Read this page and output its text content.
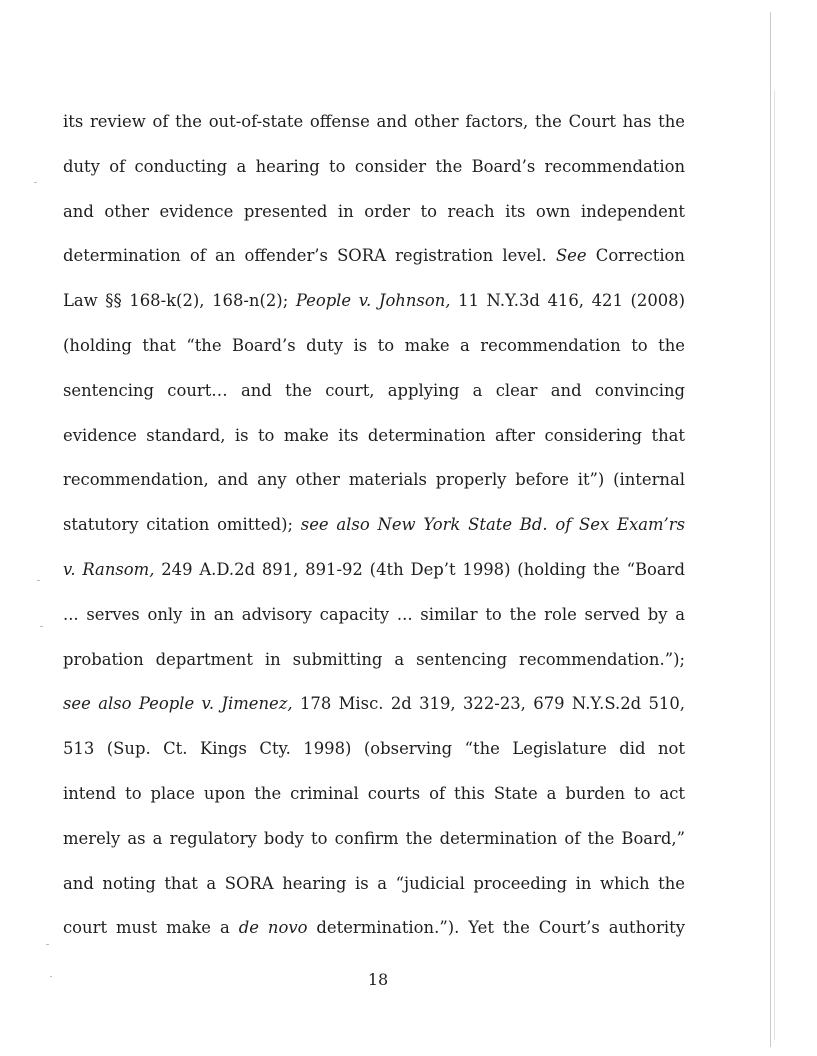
its review of the out-of-state offense and other factors, the Court has the
duty of conducting a hearing to consider the Board’s recommendation
and other evidence presented in order to reach its own independent
determination of an offender’s SORA registration level. See Correction
Law §§ 168-k(2), 168-n(2); People v. Johnson, 11 N.Y.3d 416, 421 (2008)
(holding that “the Board’s duty is to make a recommendation to the
sentencing court… and the court, applying a clear and convincing
evidence standard, is to make its determination after considering that
recommendation, and any other materials properly before it”) (internal
statutory citation omitted); see also New York State Bd. of Sex Exam’rs
v. Ransom, 249 A.D.2d 891, 891-92 (4th Dep’t 1998) (holding the “Board
... serves only in an advisory capacity ... similar to the role served by a
probation department in submitting a sentencing recommendation.”);
see also People v. Jimenez, 178 Misc. 2d 319, 322-23, 679 N.Y.S.2d 510,
513 (Sup. Ct. Kings Cty. 1998) (observing “the Legislature did not
intend to place upon the criminal courts of this State a burden to act
merely as a regulatory body to confirm the determination of the Board,”
and noting that a SORA hearing is a “judicial proceeding in which the
court must make a de novo determination.”). Yet the Court’s authority
18
